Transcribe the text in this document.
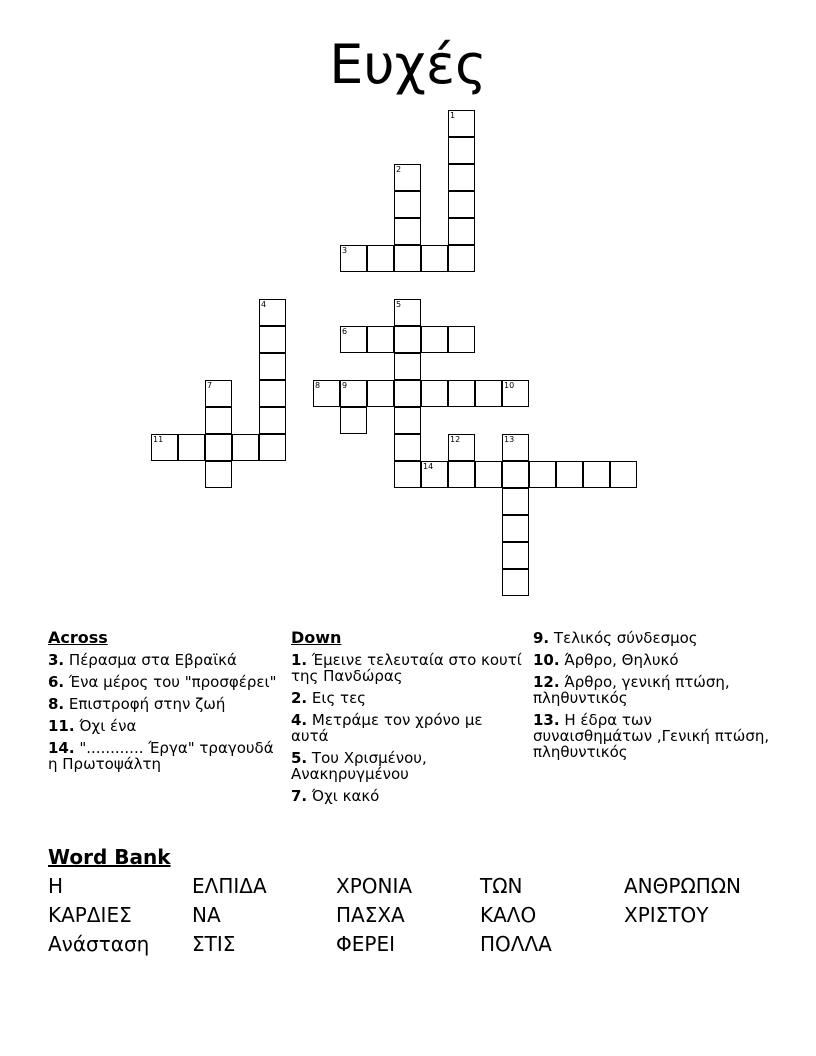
Ευχές
1
2
3
4	5
6
8	9	10
7
11	12	13
14
Across
3. Πέρασμα στα Εβραϊκά
6. Ένα μέρος του "προσφέρει"
8. Επιστροφή στην ζωή
11. Όχι ένα
14. "............ Έργα" τραγουδά η Πρωτοψάλτη
Down
1. Έμεινε τελευταία στο κουτί της Πανδώρας
2. Εις τες
4. Μετράμε τον χρόνο με αυτά
5. Του Χρισμένου, Ανακηρυγμένου
7. Όχι κακό
9. Τελικός σύνδεσμος
10. Άρθρο, Θηλυκό
12. Άρθρο, γενική πτώση, πληθυντικός
13. Η έδρα των συναισθημάτων ,Γενική πτώση, πληθυντικός
Word Bank
Η	ΕΛΠΙΔΑ	ΧΡΟΝΙΑ	ΤΩΝ	ΑΝΘΡΩΠΩΝ
ΚΑΡΔΙΕΣ	ΝΑ	ΠΑΣΧΑ	ΚΑΛΟ	ΧΡΙΣΤΟΥ
Ανάσταση ΣΤΙΣ	ΦΕΡΕΙ	ΠΟΛΛΑ
